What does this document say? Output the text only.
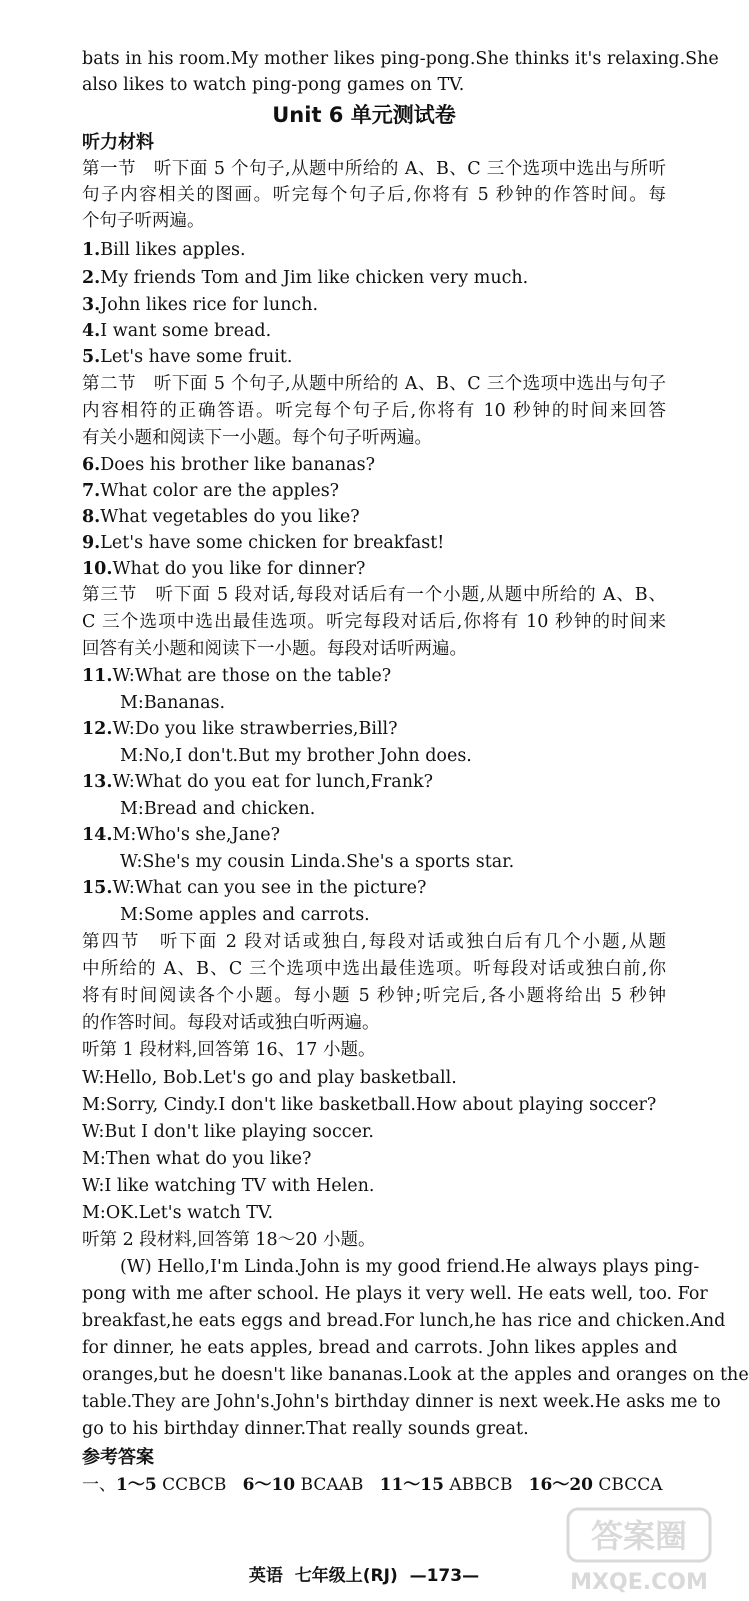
bats in his room.My mother likes ping-pong.She thinks it's relaxing.She
also likes to watch ping-pong games on TV.
Unit 6 单元测试卷
听力材料
第一节　听下面 5 个句子,从题中所给的 A、B、C 三个选项中选出与所听
句子内容相关的图画。听完每个句子后,你将有 5 秒钟的作答时间。每
个句子听两遍。
1.Bill likes apples.
2.My friends Tom and Jim like chicken very much.
3.John likes rice for lunch.
4.I want some bread.
5.Let's have some fruit.
第二节　听下面 5 个句子,从题中所给的 A、B、C 三个选项中选出与句子
内容相符的正确答语。听完每个句子后,你将有 10 秒钟的时间来回答
有关小题和阅读下一小题。每个句子听两遍。
6.Does his brother like bananas?
7.What color are the apples?
8.What vegetables do you like?
9.Let's have some chicken for breakfast!
10.What do you like for dinner?
第三节　听下面 5 段对话,每段对话后有一个小题,从题中所给的 A、B、
C 三个选项中选出最佳选项。听完每段对话后,你将有 10 秒钟的时间来
回答有关小题和阅读下一小题。每段对话听两遍。
11.W:What are those on the table?
M:Bananas.
12.W:Do you like strawberries,Bill?
M:No,I don't.But my brother John does.
13.W:What do you eat for lunch,Frank?
M:Bread and chicken.
14.M:Who's she,Jane?
W:She's my cousin Linda.She's a sports star.
15.W:What can you see in the picture?
M:Some apples and carrots.
第四节　听下面 2 段对话或独白,每段对话或独白后有几个小题,从题
中所给的 A、B、C 三个选项中选出最佳选项。听每段对话或独白前,你
将有时间阅读各个小题。每小题 5 秒钟;听完后,各小题将给出 5 秒钟
的作答时间。每段对话或独白听两遍。
听第 1 段材料,回答第 16、17 小题。
W:Hello, Bob.Let's go and play basketball.
M:Sorry, Cindy.I don't like basketball.How about playing soccer?
W:But I don't like playing soccer.
M:Then what do you like?
W:I like watching TV with Helen.
M:OK.Let's watch TV.
听第 2 段材料,回答第 18～20 小题。
(W) Hello,I'm Linda.John is my good friend.He always plays ping-
pong with me after school. He plays it very well. He eats well, too. For
breakfast,he eats eggs and bread.For lunch,he has rice and chicken.And
for dinner, he eats apples, bread and carrots. John likes apples and
oranges,but he doesn't like bananas.Look at the apples and oranges on the
table.They are John's.John's birthday dinner is next week.He asks me to
go to his birthday dinner.That really sounds great.
参考答案
一、1～5 CCBCB 6～10 BCAAB 11～15 ABBCB 16～20 CBCCA
英语 七年级上(RJ) —173—
答案圈
MXQE.COM
